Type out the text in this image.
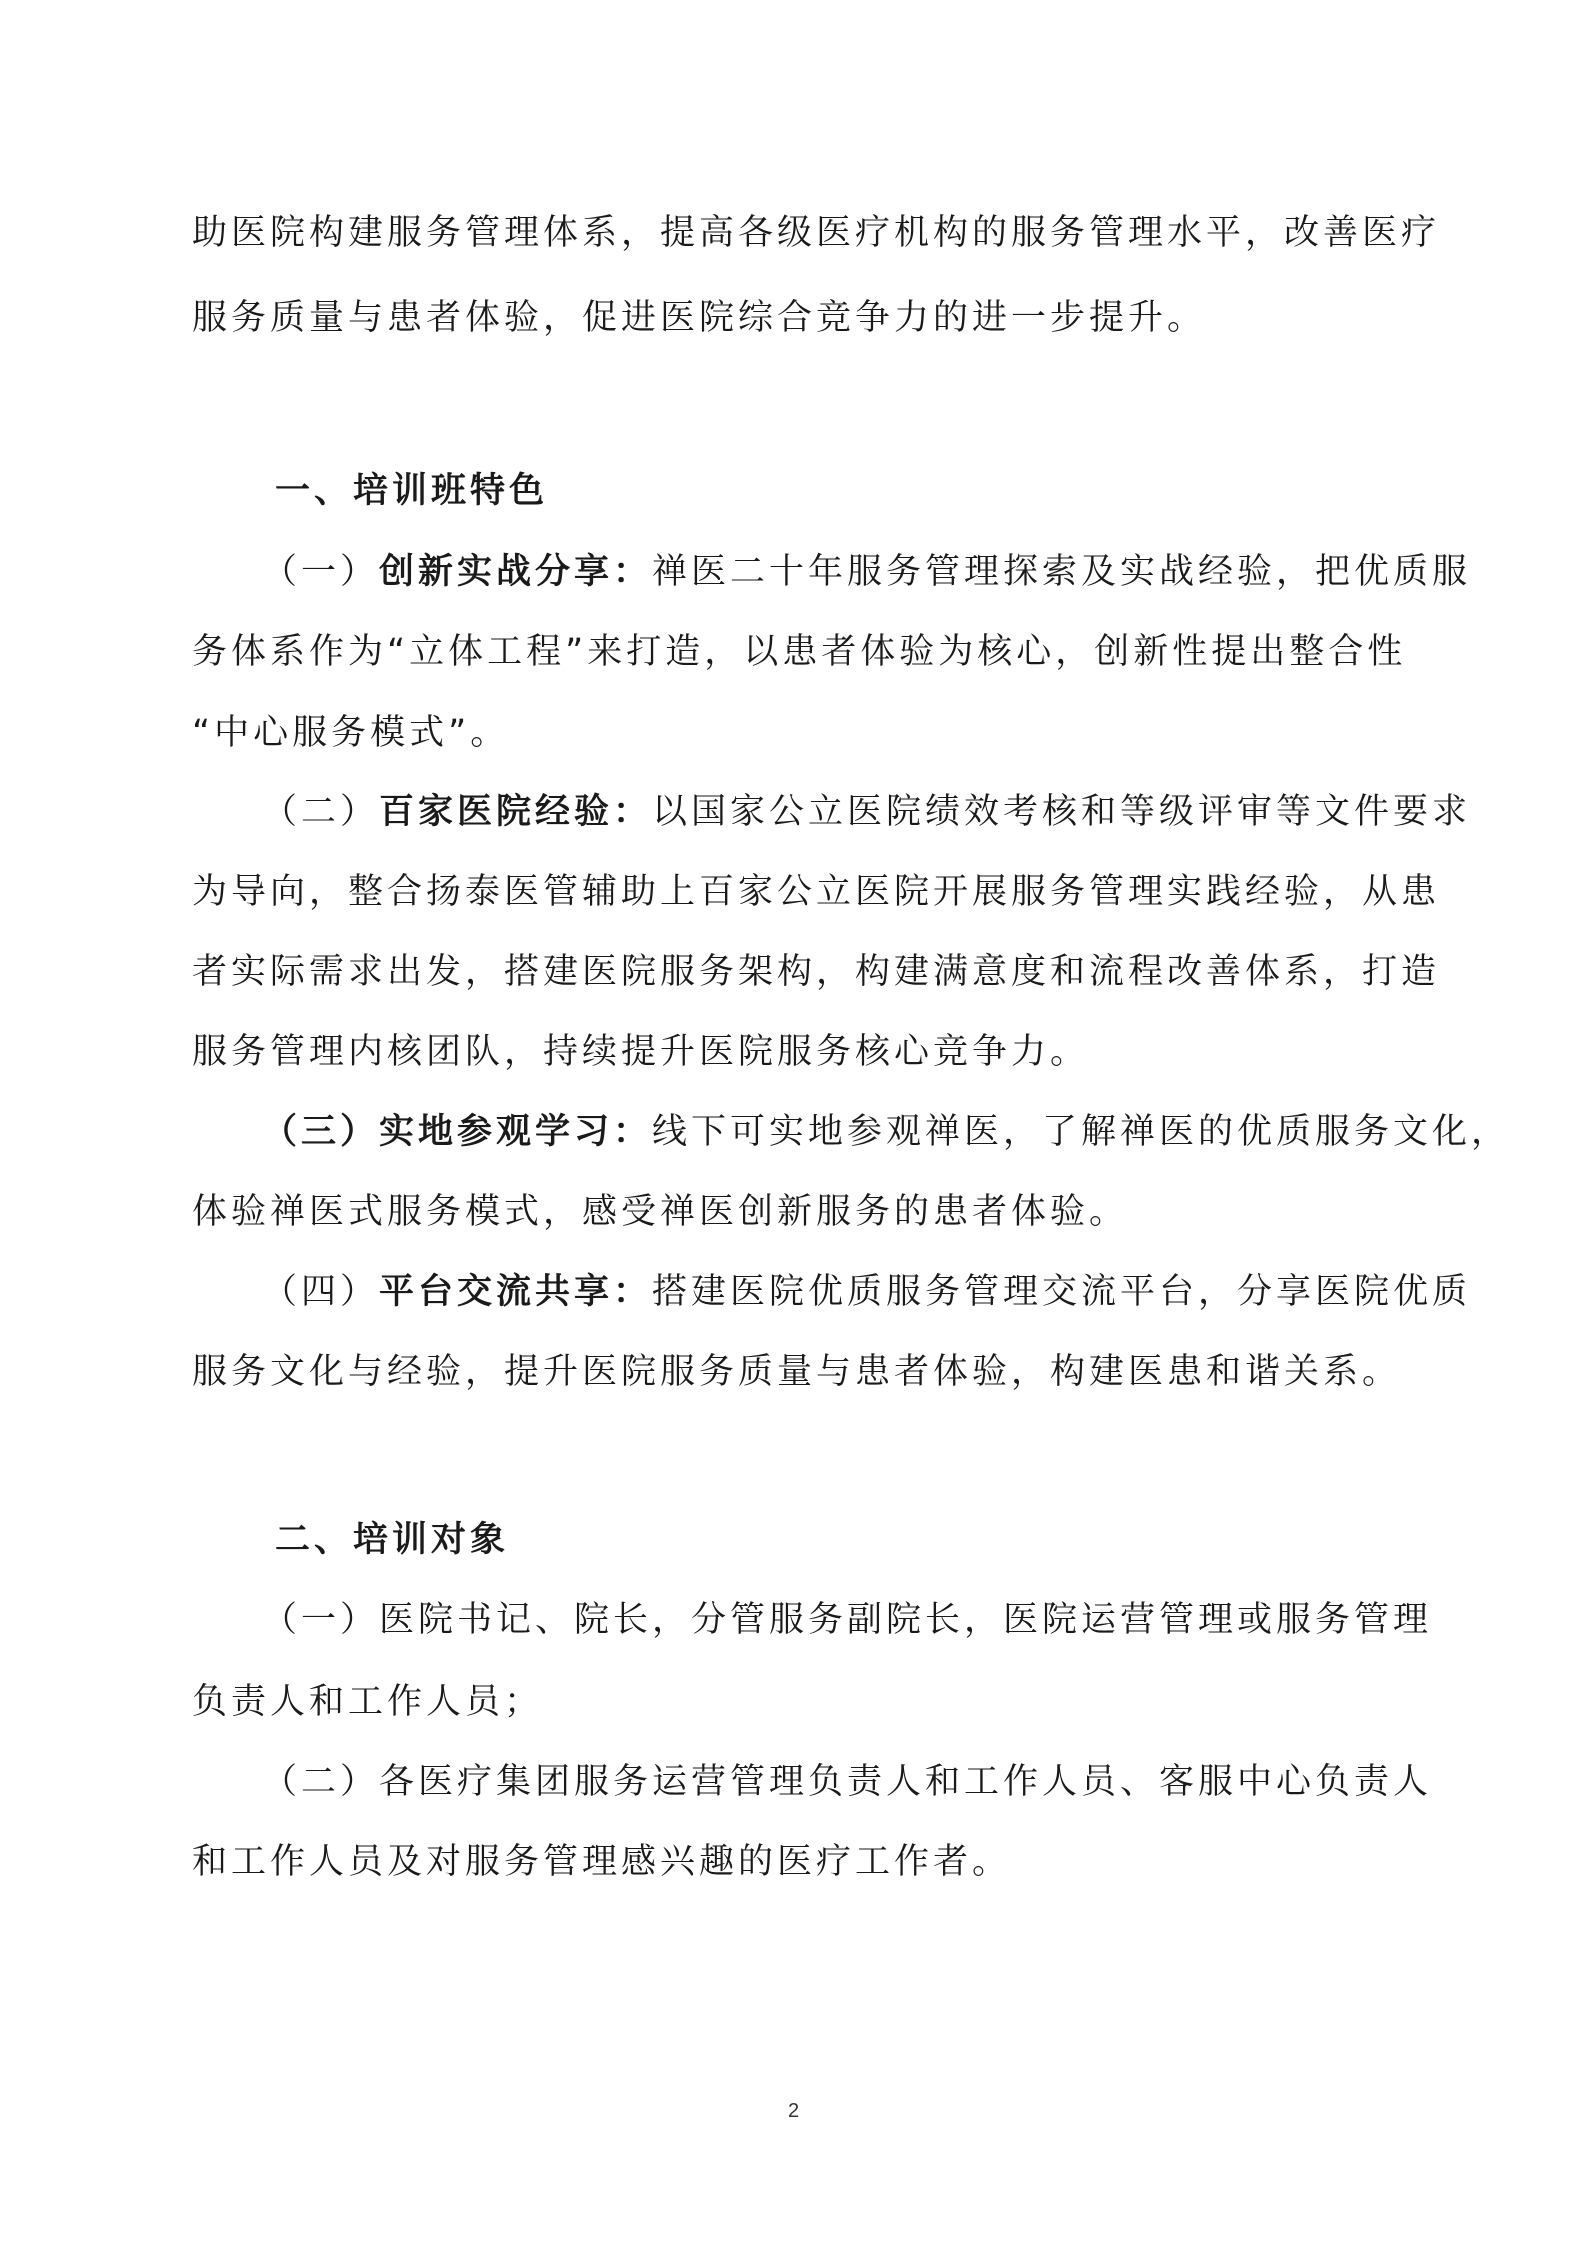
助医院构建服务管理体系，提高各级医疗机构的服务管理水平，改善医疗
服务质量与患者体验，促进医院综合竞争力的进一步提升。
一、培训班特色
（一）创新实战分享：禅医二十年服务管理探索及实战经验，把优质服
务体系作为“立体工程”来打造，以患者体验为核心，创新性提出整合性
“中心服务模式”。
（二）百家医院经验：以国家公立医院绩效考核和等级评审等文件要求
为导向，整合扬泰医管辅助上百家公立医院开展服务管理实践经验，从患
者实际需求出发，搭建医院服务架构，构建满意度和流程改善体系，打造
服务管理内核团队，持续提升医院服务核心竞争力。
（三）实地参观学习：线下可实地参观禅医，了解禅医的优质服务文化，
体验禅医式服务模式，感受禅医创新服务的患者体验。
（四）平台交流共享：搭建医院优质服务管理交流平台，分享医院优质
服务文化与经验，提升医院服务质量与患者体验，构建医患和谐关系。
二、培训对象
（一）医院书记、院长，分管服务副院长，医院运营管理或服务管理
负责人和工作人员；
（二）各医疗集团服务运营管理负责人和工作人员、客服中心负责人
和工作人员及对服务管理感兴趣的医疗工作者。
2
